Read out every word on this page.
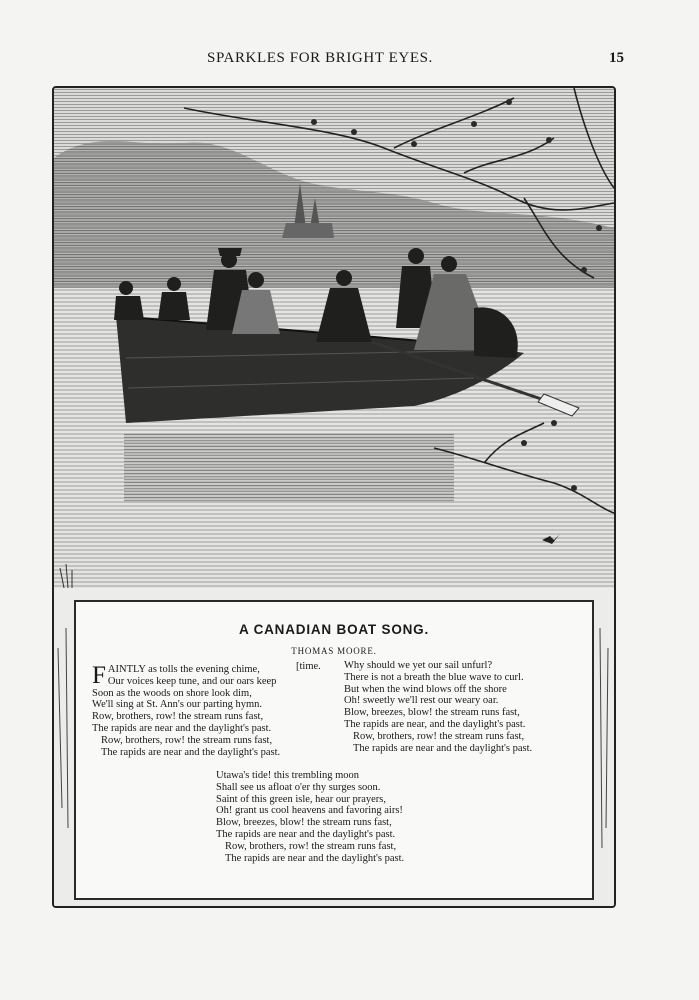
SPARKLES FOR BRIGHT EYES.	15
A CANADIAN BOAT SONG.
THOMAS MOORE.
FAINTLY as tolls the evening chime,
Our voices keep tune, and our oars keep
Soon as the woods on shore look dim,
We'll sing at St. Ann's our parting hymn.
Row, brothers, row! the stream runs fast,
The rapids are near and the daylight's past.
Row, brothers, row! the stream runs fast,
The rapids are near and the daylight's past.
[time. Why should we yet our sail unfurl?
There is not a breath the blue wave to curl.
But when the wind blows off the shore
Oh! sweetly we'll rest our weary oar.
Blow, breezes, blow! the stream runs fast,
The rapids are near, and the daylight's past.
Row, brothers, row! the stream runs fast,
The rapids are near and the daylight's past.
Utawa's tide! this trembling moon
Shall see us afloat o'er thy surges soon.
Saint of this green isle, hear our prayers,
Oh! grant us cool heavens and favoring airs!
Blow, breezes, blow! the stream runs fast,
The rapids are near and the daylight's past.
Row, brothers, row! the stream runs fast,
The rapids are near and the daylight's past.
